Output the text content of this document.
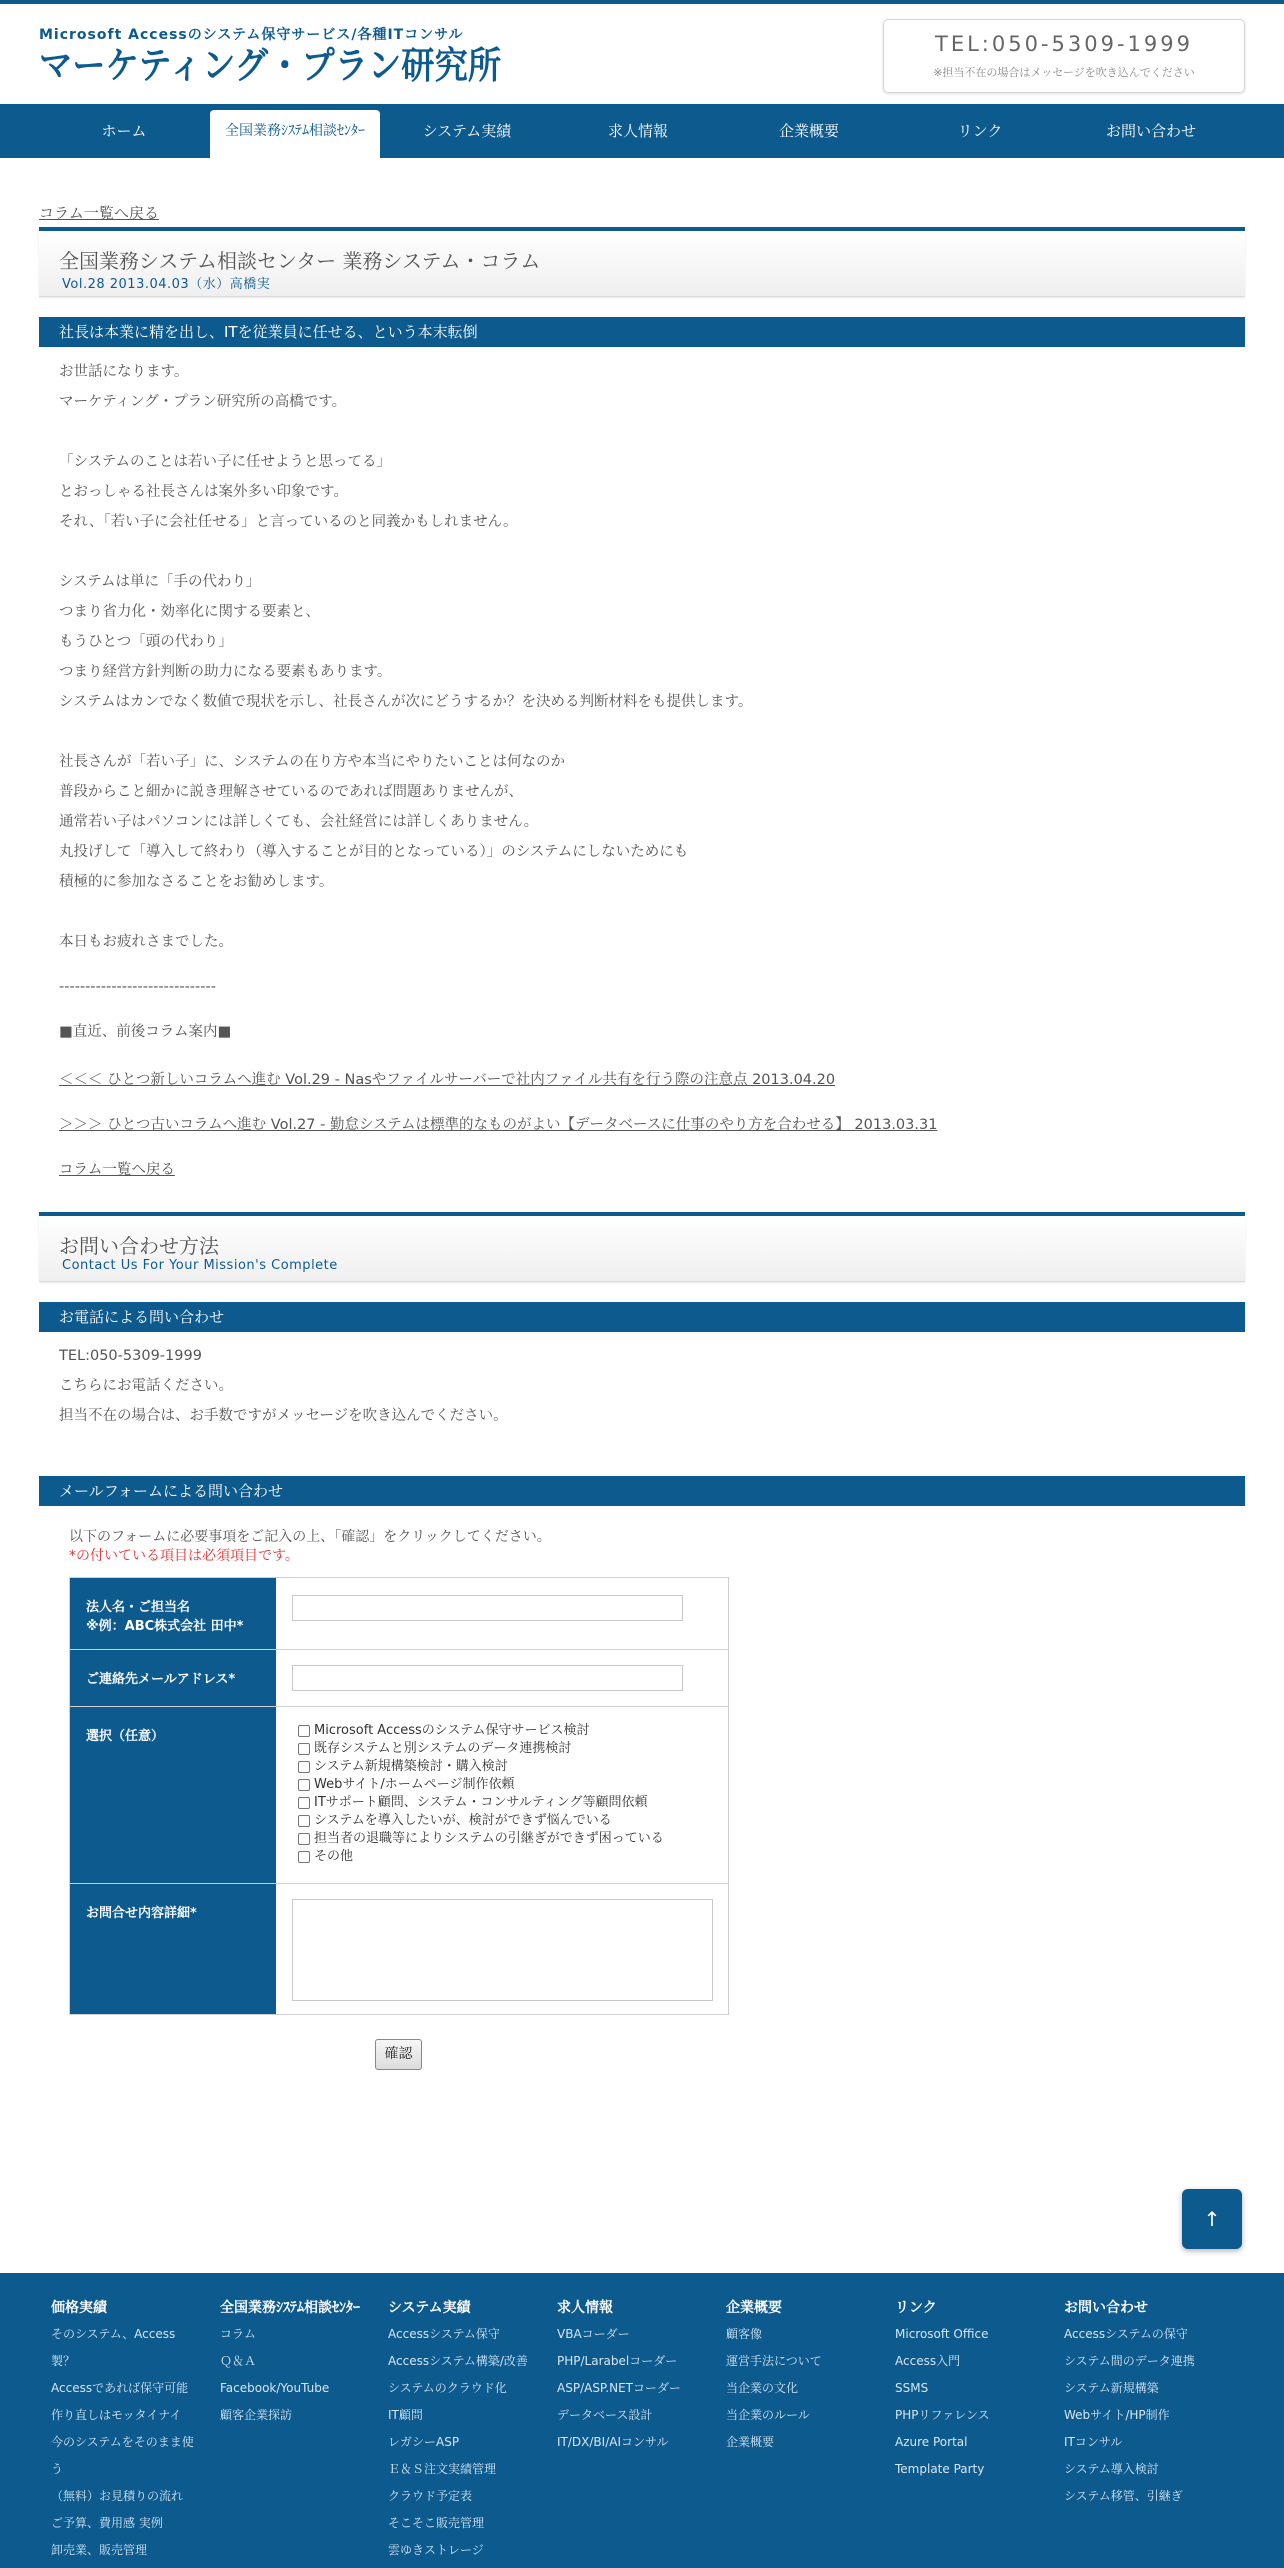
Microsoft Accessのシステム保守サービス/各種ITコンサル
マーケティング・プラン研究所	TEL:050-5309-1999
※担当不在の場合はメッセージを吹き込んでください
ホーム	全国業務ｼｽﾃﾑ相談ｾﾝﾀｰ	システム実績	求人情報	企業概要	リンク	お問い合わせ
コラム一覧へ戻る
全国業務システム相談センター 業務システム・コラム
Vol.28 2013.04.03（水）高橋実
社長は本業に精を出し、ITを従業員に任せる、という本末転倒
お世話になります。
マーケティング・プラン研究所の高橋です。
「システムのことは若い子に任せようと思ってる」
とおっしゃる社長さんは案外多い印象です。
それ、「若い子に会社任せる」と言っているのと同義かもしれません。
システムは単に「手の代わり」
つまり省力化・効率化に関する要素と、
もうひとつ「頭の代わり」
つまり経営方針判断の助力になる要素もあります。
システムはカンでなく数値で現状を示し、社長さんが次にどうするか？を決める判断材料をも提供します。
社長さんが「若い子」に、システムの在り方や本当にやりたいことは何なのか
普段からこと細かに説き理解させているのであれば問題ありませんが、
通常若い子はパソコンには詳しくても、会社経営には詳しくありません。
丸投げして「導入して終わり（導入することが目的となっている）」のシステムにしないためにも
積極的に参加なさることをお勧めします。
本日もお疲れさまでした。
------------------------------
■直近、前後コラム案内■
＜＜＜ ひとつ新しいコラムへ進む Vol.29 - Nasやファイルサーバーで社内ファイル共有を行う際の注意点 2013.04.20
＞＞＞ ひとつ古いコラムへ進む Vol.27 - 勤怠システムは標準的なものがよい【データベースに仕事のやり方を合わせる】 2013.03.31
コラム一覧へ戻る
お問い合わせ方法
Contact Us For Your Mission's Complete
お電話による問い合わせ
TEL:050-5309-1999
こちらにお電話ください。
担当不在の場合は、お手数ですがメッセージを吹き込んでください。
メールフォームによる問い合わせ
以下のフォームに必要事項をご記入の上、「確認」をクリックしてください。
*の付いている項目は必須項目です。
法人名・ご担当名
※例：ABC株式会社 田中*
ご連絡先メールアドレス*
選択（任意）	Microsoft Accessのシステム保守サービス検討
既存システムと別システムのデータ連携検討
システム新規構築検討・購入検討
Webサイト/ホームページ制作依頼
ITサポート顧問、システム・コンサルティング等顧問依頼
システムを導入したいが、検討ができず悩んでいる
担当者の退職等によりシステムの引継ぎができず困っている
その他
お問合せ内容詳細*
確認
↑
価格実績
そのシステム、Access
製？
Accessであれば保守可能
作り直しはモッタイナイ
今のシステムをそのまま使
う
（無料）お見積りの流れ
ご予算、費用感 実例
卸売業、販売管理
全国業務ｼｽﾃﾑ相談ｾﾝﾀｰ
コラム
Ｑ＆Ａ
Facebook/YouTube
顧客企業探訪
システム実績
Accessシステム保守
Accessシステム構築/改善
システムのクラウド化
IT顧問
レガシーASP
Ｅ＆Ｓ注文実績管理
クラウド予定表
そこそこ販売管理
雲ゆきストレージ
求人情報
VBAコーダー
PHP/Larabelコーダー
ASP/ASP.NETコーダー
データベース設計
IT/DX/BI/AIコンサル
企業概要
顧客像
運営手法について
当企業の文化
当企業のルール
企業概要
リンク
Microsoft Office
Access入門
SSMS
PHPリファレンス
Azure Portal
Template Party
お問い合わせ
Accessシステムの保守
システム間のデータ連携
システム新規構築
Webサイト/HP制作
ITコンサル
システム導入検討
システム移管、引継ぎ
